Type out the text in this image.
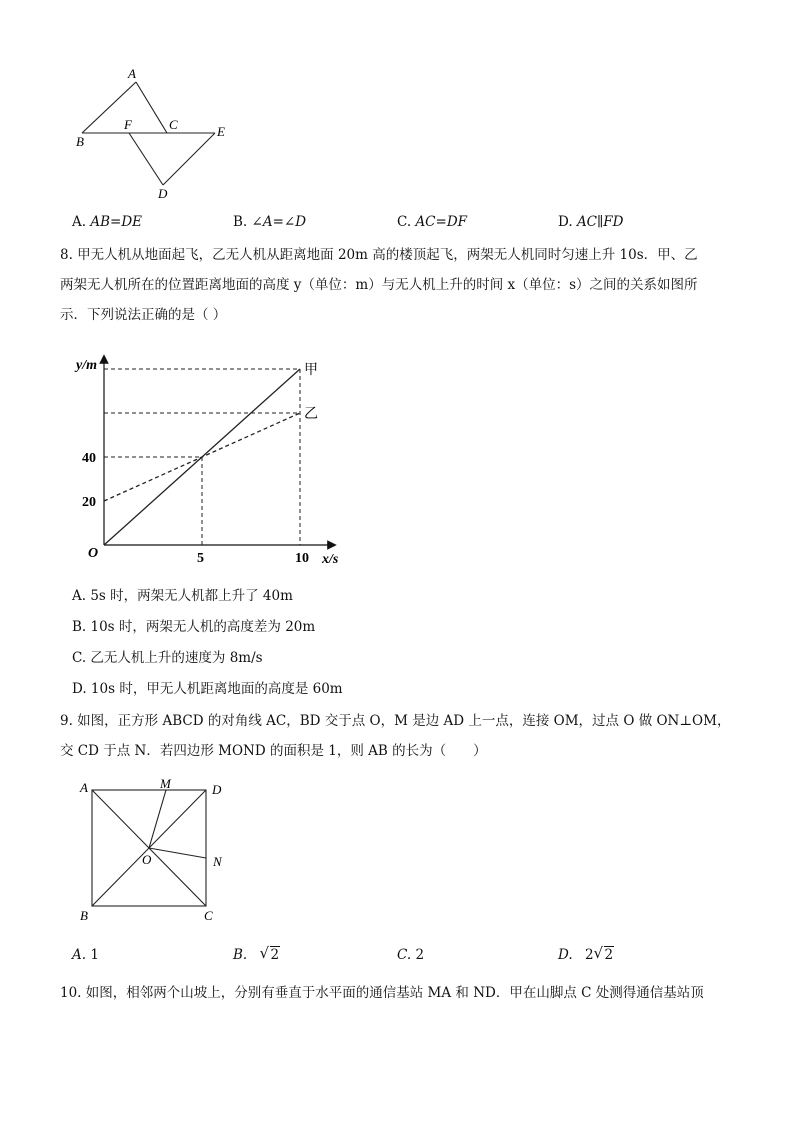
A
B
C
F	E
D
A. AB=DE	B. ∠A=∠D	C. AC=DF	D. AC∥FD
8. 甲无人机从地面起飞，乙无人机从距离地面 20m 高的楼顶起飞，两架无人机同时匀速上升 10s．甲、乙
两架无人机所在的位置距离地面的高度 y（单位：m）与无人机上升的时间 x（单位：s）之间的关系如图所
示．下列说法正确的是（ ）
甲
乙
5	10
20
40
y/m
x/s
O
A. 5s 时，两架无人机都上升了 40m
B. 10s 时，两架无人机的高度差为 20m
C. 乙无人机上升的速度为 8m/s
D. 10s 时，甲无人机距离地面的高度是 60m
9. 如图，正方形 ABCD 的对角线 AC，BD 交于点 O，M 是边 AD 上一点，连接 OM，过点 O 做 ON⊥OM，
交 CD 于点 N．若四边形 MOND 的面积是 1，则 AB 的长为（　　）
A	M	D
O	N
B	C
A. 1	B. √ 2	C. 2	D. 2 √ 2
10. 如图，相邻两个山坡上，分别有垂直于水平面的通信基站 MA 和 ND．甲在山脚点 C 处测得通信基站顶
